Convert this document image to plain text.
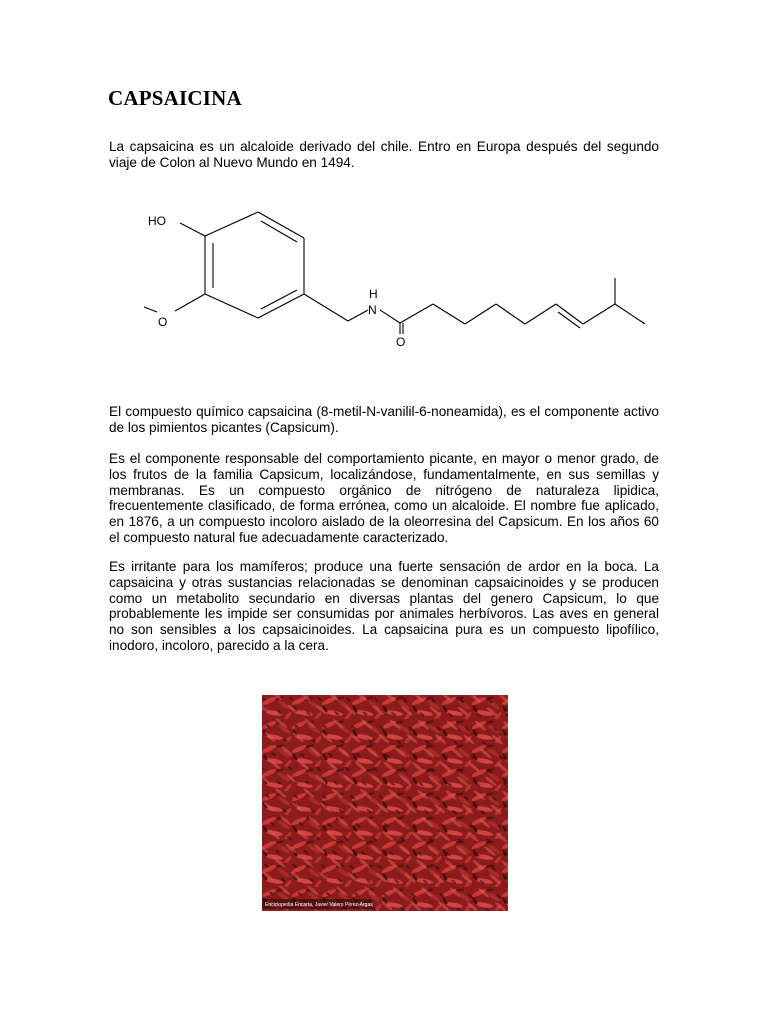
CAPSAICINA

La capsaicina es un alcaloide derivado del chile. Entro en Europa después del segundo viaje de Colon al Nuevo Mundo en 1494.

HO
O
H
N
O

El compuesto químico capsaicina (8-metil-N-vanilil-6-noneamida), es el componente activo de los pimientos picantes (Capsicum).

Es el componente responsable del comportamiento picante, en mayor o menor grado, de los frutos de la familia Capsicum, localizándose, fundamentalmente, en sus semillas y membranas. Es un compuesto orgánico de nitrógeno de naturaleza lipidica, frecuentemente clasificado, de forma errónea, como un alcaloide. El nombre fue aplicado, en 1876, a un compuesto incoloro aislado de la oleorresina del Capsicum. En los años 60 el compuesto natural fue adecuadamente caracterizado.

Es irritante para los mamíferos; produce una fuerte sensación de ardor en la boca. La capsaicina y otras sustancias relacionadas se denominan capsaicinoides y se producen como un metabolito secundario en diversas plantas del genero Capsicum, lo que probablemente les impide ser consumidas por animales herbívoros. Las aves en general no son sensibles a los capsaicinoides. La capsaicina pura es un compuesto lipofílico, inodoro, incoloro, parecido a la cera.

Enciclopedia Encarta, Javier Valero Pérez-Argas
